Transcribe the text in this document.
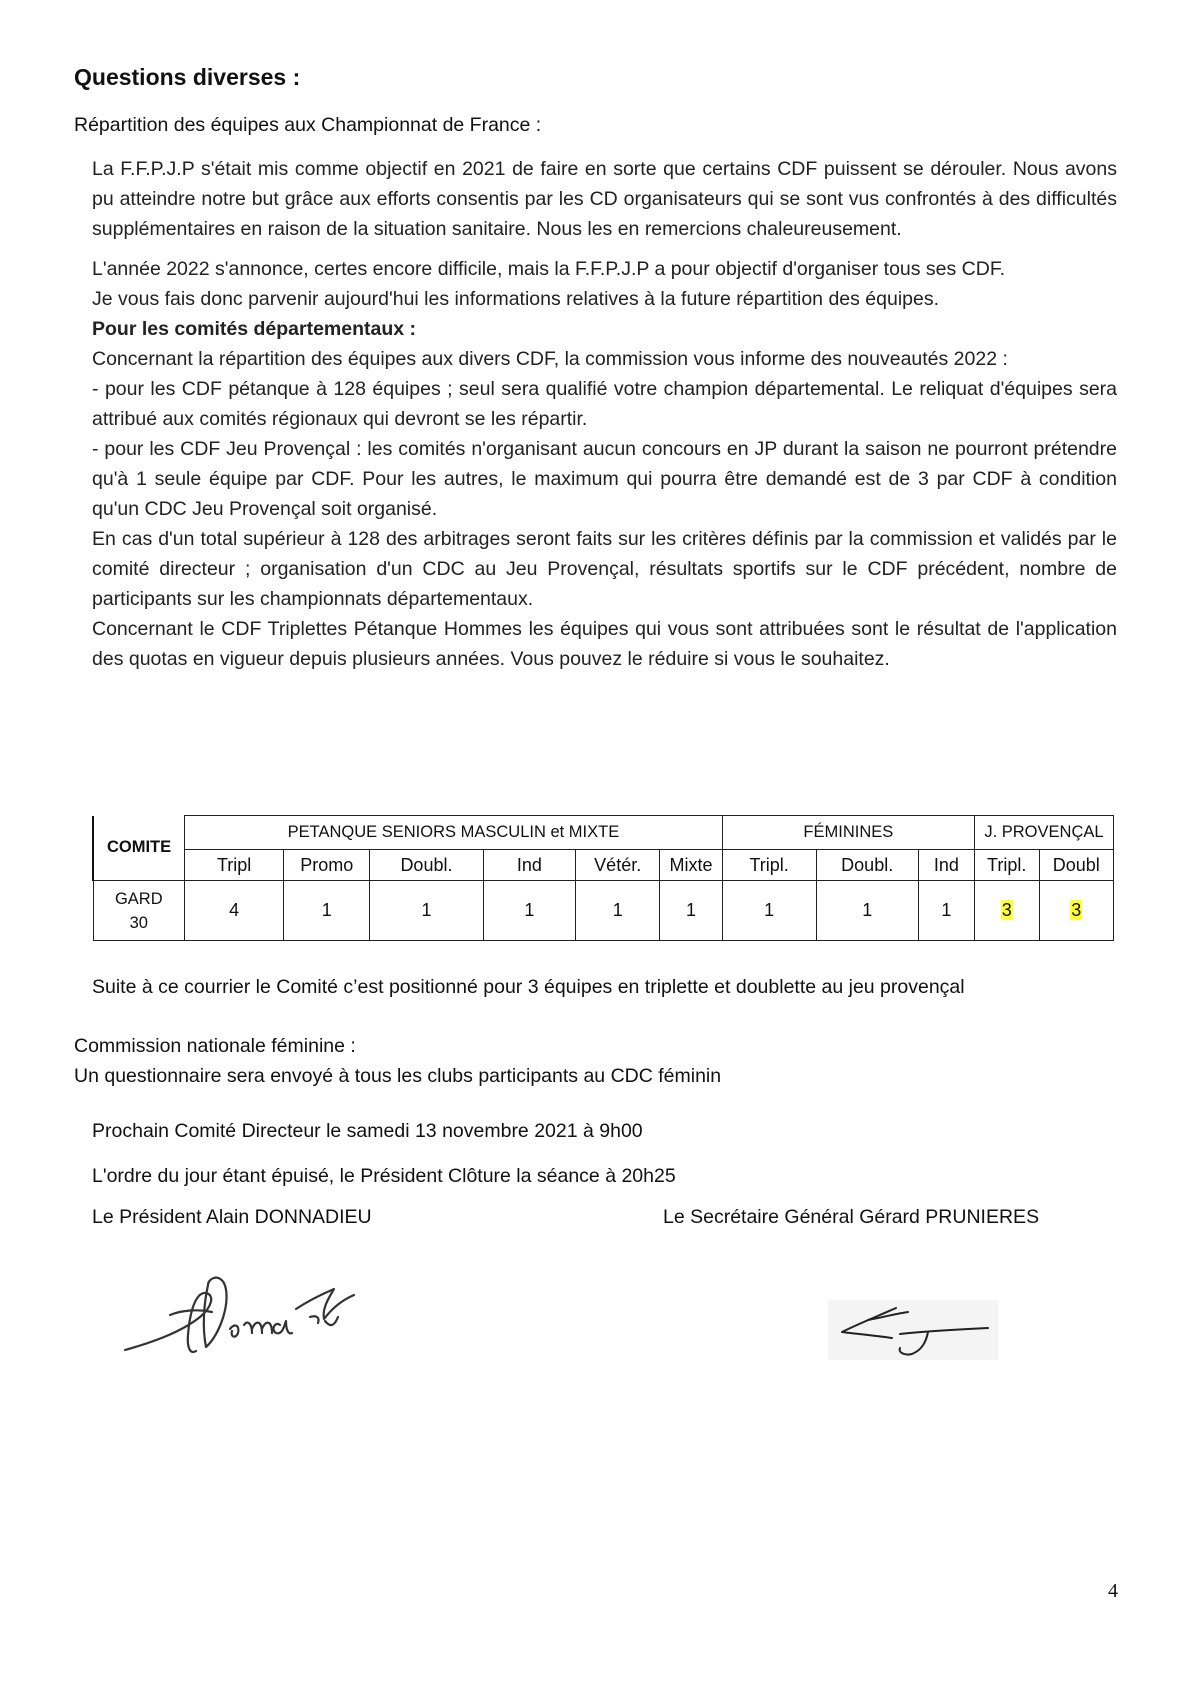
Questions diverses :
Répartition des équipes aux Championnat de France :

La F.F.P.J.P s'était mis comme objectif en 2021 de faire en sorte que certains CDF puissent se dérouler. Nous avons pu atteindre notre but grâce aux efforts consentis par les CD organisateurs qui se sont vus confrontés à des difficultés supplémentaires en raison de la situation sanitaire. Nous les en remercions chaleureusement.

L'année 2022 s'annonce, certes encore difficile, mais la F.F.P.J.P a pour objectif d'organiser tous ses CDF.

Je vous fais donc parvenir aujourd'hui les informations relatives à la future répartition des équipes.

Pour les comités départementaux :

Concernant la répartition des équipes aux divers CDF, la commission vous informe des nouveautés 2022 :

- pour les CDF pétanque à 128 équipes ; seul sera qualifié votre champion départemental. Le reliquat d'équipes sera attribué aux comités régionaux qui devront se les répartir.

- pour les CDF Jeu Provençal : les comités n'organisant aucun concours en JP durant la saison ne pourront prétendre qu'à 1 seule équipe par CDF. Pour les autres, le maximum qui pourra être demandé est de 3 par CDF à condition qu'un CDC Jeu Provençal soit organisé.

En cas d'un total supérieur à 128 des arbitrages seront faits sur les critères définis par la commission et validés par le comité directeur ; organisation d'un CDC au Jeu Provençal, résultats sportifs sur le CDF précédent, nombre de participants sur les championnats départementaux.

Concernant le CDF Triplettes Pétanque Hommes les équipes qui vous sont attribuées sont le résultat de l'application des quotas en vigueur depuis plusieurs années. Vous pouvez le réduire si vous le souhaitez.

COMITE	PETANQUE SENIORS MASCULIN et MIXTE						FÉMININES			J. PROVENÇAL	
	Tripl	Promo	Doubl.	Ind	Vétér.	Mixte	Tripl.	Doubl.	Ind	Tripl.	Doubl

GARD
30	4	1	1	1	1	1	1	1	1	3	3
Suite à ce courrier le Comité c’est positionné pour 3 équipes en triplette et doublette au jeu provençal
Commission nationale féminine :
Un questionnaire sera envoyé à tous les clubs participants au CDC féminin
Prochain Comité Directeur le samedi 13 novembre 2021 à 9h00
L'ordre du jour étant épuisé, le Président Clôture la séance à 20h25
Le Président Alain DONNADIEU	Le Secrétaire Général Gérard PRUNIERES
4
